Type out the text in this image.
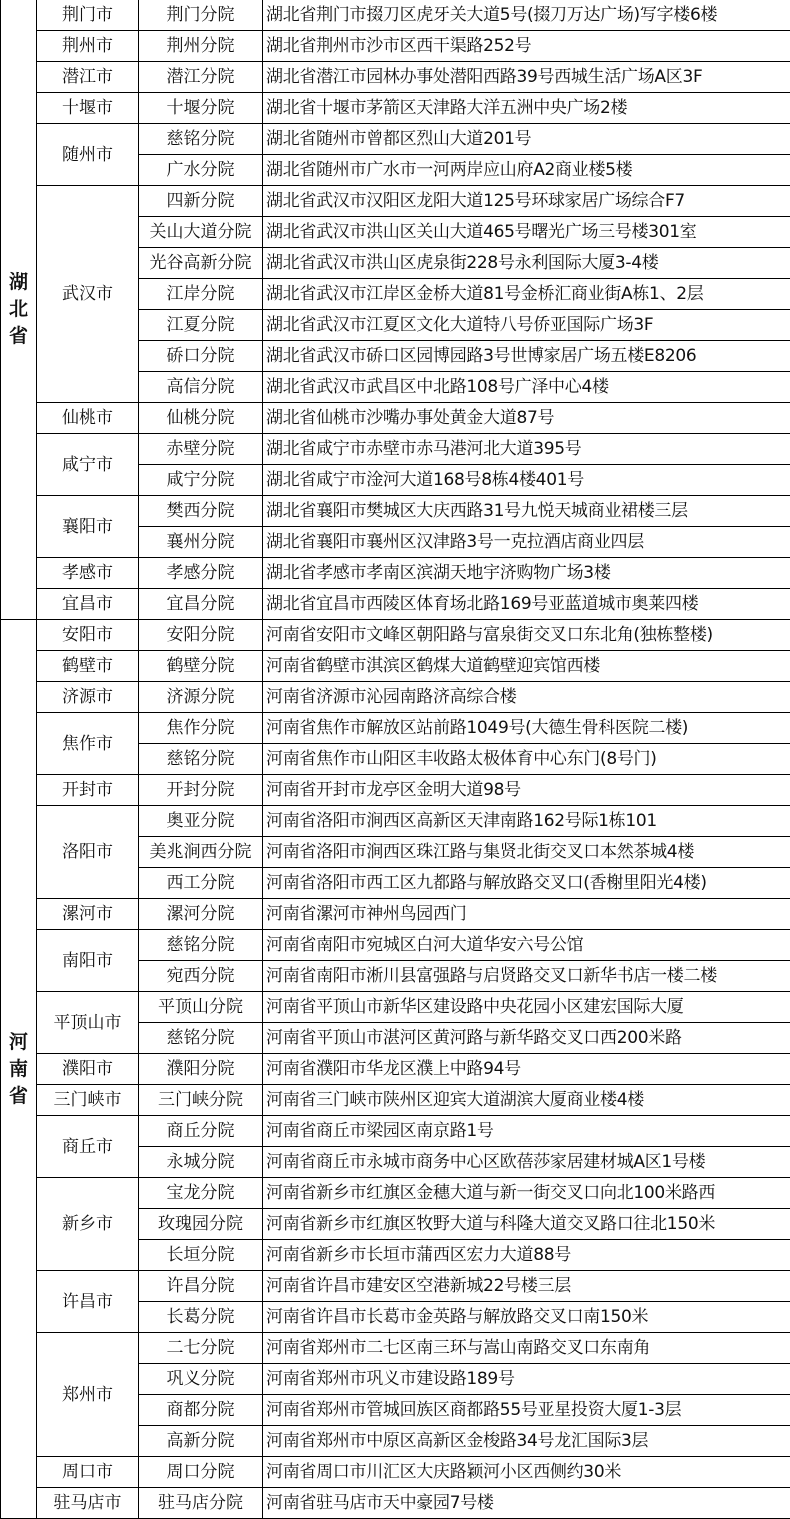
湖北省	荆门市	荆门分院	湖北省荆门市掇刀区虎牙关大道5号(掇刀万达广场)写字楼6楼
	荆州市	荆州分院	湖北省荆州市沙市区西干渠路252号
	潜江市	潜江分院	湖北省潜江市园林办事处潜阳西路39号西城生活广场A区3F
	十堰市	十堰分院	湖北省十堰市茅箭区天津路大洋五洲中央广场2楼
	随州市	慈铭分院	湖北省随州市曾都区烈山大道201号
		广水分院	湖北省随州市广水市一河两岸应山府A2商业楼5楼
	武汉市	四新分院	湖北省武汉市汉阳区龙阳大道125号环球家居广场综合F7
		关山大道分院	湖北省武汉市洪山区关山大道465号曙光广场三号楼301室
		光谷高新分院	湖北省武汉市洪山区虎泉街228号永利国际大厦3-4楼
		江岸分院	湖北省武汉市江岸区金桥大道81号金桥汇商业街A栋1、2层
		江夏分院	湖北省武汉市江夏区文化大道特八号侨亚国际广场3F
		硚口分院	湖北省武汉市硚口区园博园路3号世博家居广场五楼E8206
		高信分院	湖北省武汉市武昌区中北路108号广泽中心4楼
	仙桃市	仙桃分院	湖北省仙桃市沙嘴办事处黄金大道87号
	咸宁市	赤壁分院	湖北省咸宁市赤壁市赤马港河北大道395号
		咸宁分院	湖北省咸宁市淦河大道168号8栋4楼401号
	襄阳市	樊西分院	湖北省襄阳市樊城区大庆西路31号九悦天城商业裙楼三层
		襄州分院	湖北省襄阳市襄州区汉津路3号一克拉酒店商业四层
	孝感市	孝感分院	湖北省孝感市孝南区滨湖天地宇济购物广场3楼
	宜昌市	宜昌分院	湖北省宜昌市西陵区体育场北路169号亚蓝道城市奥莱四楼
河南省	安阳市	安阳分院	河南省安阳市文峰区朝阳路与富泉街交叉口东北角(独栋整楼)
	鹤壁市	鹤壁分院	河南省鹤壁市淇滨区鹤煤大道鹤壁迎宾馆西楼
	济源市	济源分院	河南省济源市沁园南路济高综合楼
	焦作市	焦作分院	河南省焦作市解放区站前路1049号(大德生骨科医院二楼)
		慈铭分院	河南省焦作市山阳区丰收路太极体育中心东门(8号门)
	开封市	开封分院	河南省开封市龙亭区金明大道98号
	洛阳市	奥亚分院	河南省洛阳市涧西区高新区天津南路162号际1栋101
		美兆涧西分院	河南省洛阳市涧西区珠江路与集贤北街交叉口本然茶城4楼
		西工分院	河南省洛阳市西工区九都路与解放路交叉口(香榭里阳光4楼)
	漯河市	漯河分院	河南省漯河市神州鸟园西门
	南阳市	慈铭分院	河南省南阳市宛城区白河大道华安六号公馆
		宛西分院	河南省南阳市淅川县富强路与启贤路交叉口新华书店一楼二楼
	平顶山市	平顶山分院	河南省平顶山市新华区建设路中央花园小区建宏国际大厦
		慈铭分院	河南省平顶山市湛河区黄河路与新华路交叉口西200米路
	濮阳市	濮阳分院	河南省濮阳市华龙区濮上中路94号
	三门峡市	三门峡分院	河南省三门峡市陕州区迎宾大道湖滨大厦商业楼4楼
	商丘市	商丘分院	河南省商丘市梁园区南京路1号
		永城分院	河南省商丘市永城市商务中心区欧蓓莎家居建材城A区1号楼
	新乡市	宝龙分院	河南省新乡市红旗区金穗大道与新一街交叉口向北100米路西
		玫瑰园分院	河南省新乡市红旗区牧野大道与科隆大道交叉路口往北150米
		长垣分院	河南省新乡市长垣市蒲西区宏力大道88号
	许昌市	许昌分院	河南省许昌市建安区空港新城22号楼三层
		长葛分院	河南省许昌市长葛市金英路与解放路交叉口南150米
	郑州市	二七分院	河南省郑州市二七区南三环与嵩山南路交叉口东南角
		巩义分院	河南省郑州市巩义市建设路189号
		商都分院	河南省郑州市管城回族区商都路55号亚星投资大厦1-3层
		高新分院	河南省郑州市中原区高新区金梭路34号龙汇国际3层
	周口市	周口分院	河南省周口市川汇区大庆路颖河小区西侧约30米
	驻马店市	驻马店分院	河南省驻马店市天中豪园7号楼
